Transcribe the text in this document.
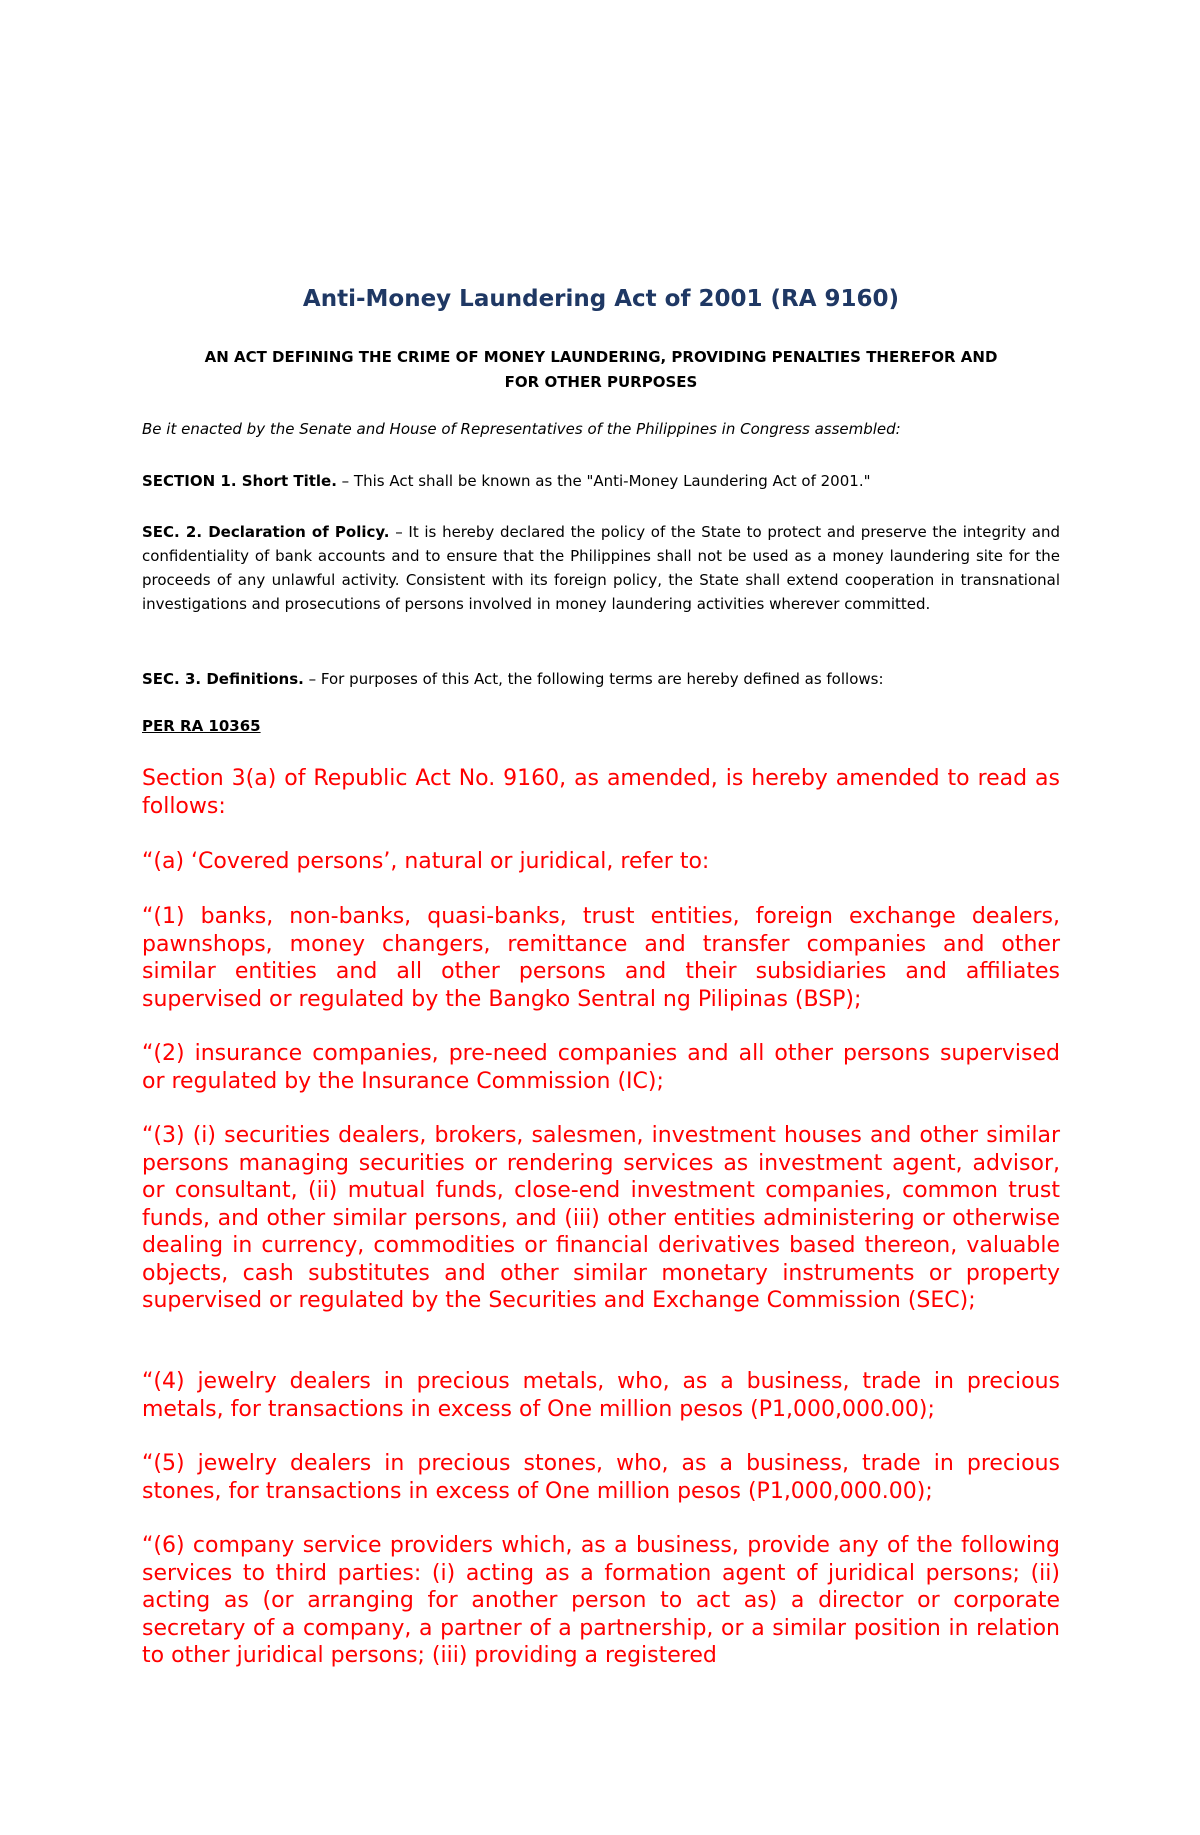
Anti-Money Laundering Act of 2001 (RA 9160)
AN ACT DEFINING THE CRIME OF MONEY LAUNDERING, PROVIDING PENALTIES THEREFOR AND
FOR OTHER PURPOSES

Be it enacted by the Senate and House of Representatives of the Philippines in Congress assembled:

SECTION 1. Short Title. – This Act shall be known as the "Anti-Money Laundering Act of 2001."

SEC. 2. Declaration of Policy. – It is hereby declared the policy of the State to protect and preserve the integrity and confidentiality of bank accounts and to ensure that the Philippines shall not be used as a money laundering site for the proceeds of any unlawful activity. Consistent with its foreign policy, the State shall extend cooperation in transnational investigations and prosecutions of persons involved in money laundering activities wherever committed.

SEC. 3. Definitions. – For purposes of this Act, the following terms are hereby defined as follows:

PER RA 10365

Section 3(a) of Republic Act No. 9160, as amended, is hereby amended to read as follows:

“(a) ‘Covered persons’, natural or juridical, refer to:

“(1) banks, non-banks, quasi-banks, trust entities, foreign exchange dealers, pawnshops, money changers, remittance and transfer companies and other similar entities and all other persons and their subsidiaries and affiliates supervised or regulated by the Bangko Sentral ng Pilipinas (BSP);

“(2) insurance companies, pre-need companies and all other persons supervised or regulated by the Insurance Commission (IC);

“(3) (i) securities dealers, brokers, salesmen, investment houses and other similar persons managing securities or rendering services as investment agent, advisor, or consultant, (ii) mutual funds, close-end investment companies, common trust funds, and other similar persons, and (iii) other entities administering or otherwise dealing in currency, commodities or financial derivatives based thereon, valuable objects, cash substitutes and other similar monetary instruments or property supervised or regulated by the Securities and Exchange Commission (SEC);

“(4) jewelry dealers in precious metals, who, as a business, trade in precious metals, for transactions in excess of One million pesos (P1,000,000.00);

“(5) jewelry dealers in precious stones, who, as a business, trade in precious stones, for transactions in excess of One million pesos (P1,000,000.00);

“(6) company service providers which, as a business, provide any of the following services to third parties: (i) acting as a formation agent of juridical persons; (ii) acting as (or arranging for another person to act as) a director or corporate secretary of a company, a partner of a partnership, or a similar position in relation to other juridical persons; (iii) providing a registered
